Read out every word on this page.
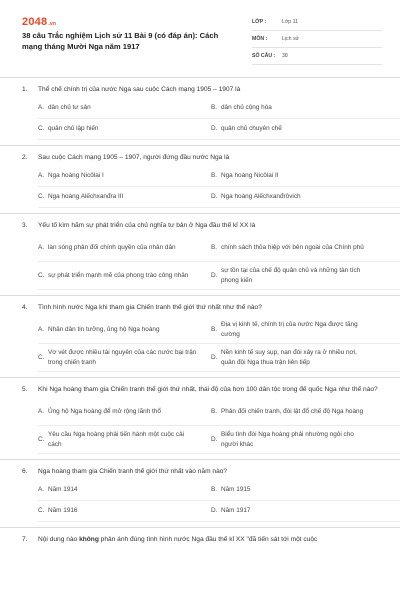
2048.vn
38 câu Trắc nghiệm Lịch sử 11 Bài 9 (có đáp án): Cách mạng tháng Mười Nga năm 1917
LỚP :	Lớp 11
MÔN :	Lịch sử
SỐ CÂU :	38
1.	Thể chế chính trị của nước Nga sau cuộc Cách mạng 1905 – 1907 là
A. dân chủ tư sản	B. dân chủ cộng hòa
C. quân chủ lập hiến	D. quân chủ chuyên chế
2.	Sau cuộc Cách mạng 1905 – 1907, người đứng đầu nước Nga là
A. Nga hoàng Nicôlai I	B. Nga hoàng Nicôlai II
C. Nga hoàng Alếchxanđra III	D. Nga hoàng Alếchxanđrôvich
3.	Yếu tố kìm hãm sự phát triển của chủ nghĩa tư bản ở Nga đầu thế kỉ XX là
A. làn sóng phản đối chính quyền của nhân dân	B. chính sách thỏa hiệp với bên ngoài của Chính phủ
C. sự phát triển mạnh mẽ của phong trào công nhân	D.
sự tồn tại của chế độ quân chủ và những tàn tích phong kiến
4.	Tình hình nước Nga khi tham gia Chiến tranh thế giới thứ nhất như thế nào?
A. Nhân dân tin tưởng, ủng hộ Nga hoàng	B.
Địa vị kinh tế, chính trị của nước Nga được tăng cường
C.
Vơ vét được nhiều tài nguyên của các nước bại trận trong chiến tranh
D.
Nền kinh tế suy sụp, nạn đói xảy ra ở nhiều nơi, quân đội Nga thua trận liên tiếp
5.	Khi Nga hoàng tham gia Chiến tranh thế giới thứ nhất, thái độ của hơn 100 dân tộc trong đế quốc Nga như thế nào?
A. Ủng hộ Nga hoàng để mở rộng lãnh thổ	B. Phản đối chiến tranh, đòi lật đổ chế độ Nga hoàng
C.
Yêu cầu Nga hoàng phải tiến hành một cuộc cải cách
D.
Biểu tình đòi Nga hoàng phải nhường ngôi cho người khác
6.	Nga hoàng tham gia Chiến tranh thế giới thứ nhất vào năm nào?
A. Năm 1914	B. Năm 1915
C. Năm 1916	D. Năm 1917
7.	Nội dung nào không phản ánh đúng tình hình nước Nga đầu thế kỉ XX "đã tiến sát tới một cuộc
